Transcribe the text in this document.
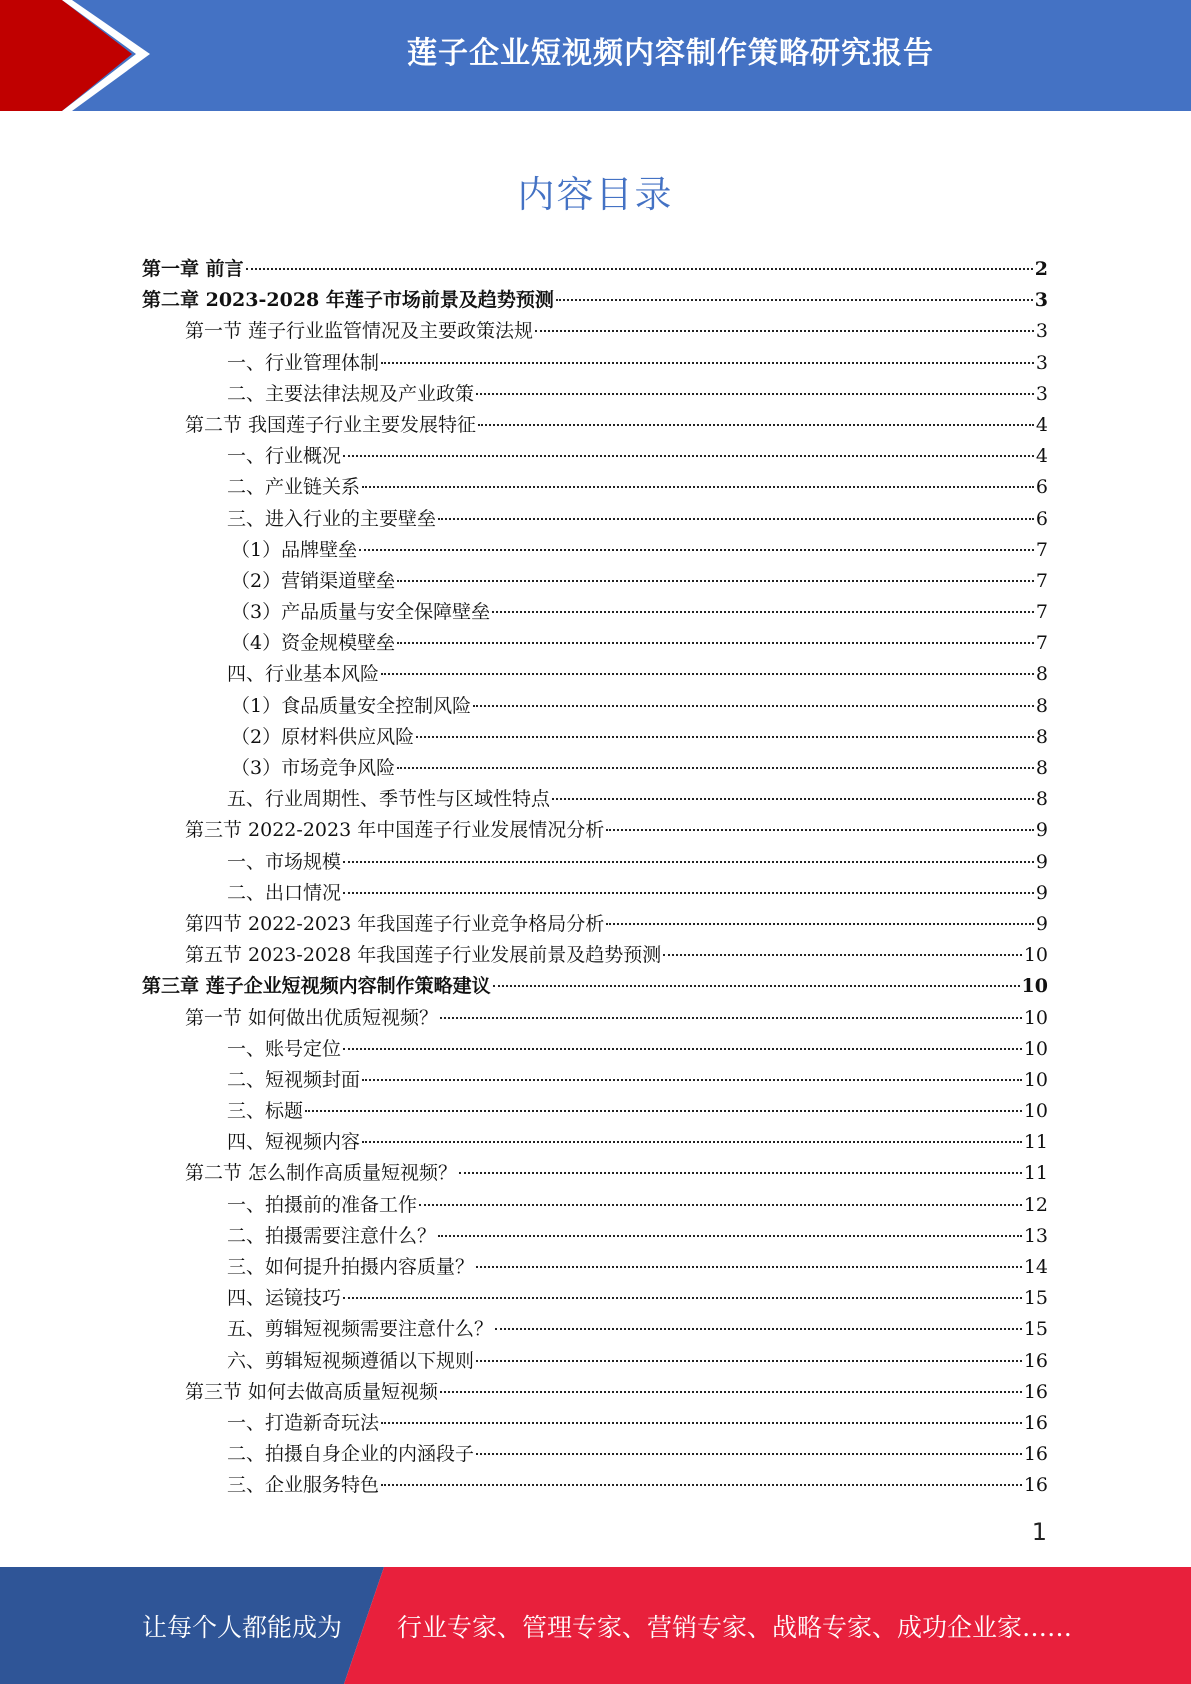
莲子企业短视频内容制作策略研究报告
内容目录
第一章 前言	2
第二章 2023-2028 年莲子市场前景及趋势预测	3
第一节 莲子行业监管情况及主要政策法规	3
一、行业管理体制	3
二、主要法律法规及产业政策	3
第二节 我国莲子行业主要发展特征	4
一、行业概况	4
二、产业链关系	6
三、进入行业的主要壁垒	6
（1）品牌壁垒	7
（2）营销渠道壁垒	7
（3）产品质量与安全保障壁垒	7
（4）资金规模壁垒	7
四、行业基本风险	8
（1）食品质量安全控制风险	8
（2）原材料供应风险	8
（3）市场竞争风险	8
五、行业周期性、季节性与区域性特点	8
第三节 2022-2023 年中国莲子行业发展情况分析	9
一、市场规模	9
二、出口情况	9
第四节 2022-2023 年我国莲子行业竞争格局分析	9
第五节 2023-2028 年我国莲子行业发展前景及趋势预测	10
第三章 莲子企业短视频内容制作策略建议	10
第一节 如何做出优质短视频？	10
一、账号定位	10
二、短视频封面	10
三、标题	10
四、短视频内容	11
第二节 怎么制作高质量短视频？	11
一、拍摄前的准备工作	12
二、拍摄需要注意什么？	13
三、如何提升拍摄内容质量？	14
四、运镜技巧	15
五、剪辑短视频需要注意什么？	15
六、剪辑短视频遵循以下规则	16
第三节 如何去做高质量短视频	16
一、打造新奇玩法	16
二、拍摄自身企业的内涵段子	16
三、企业服务特色	16
1
让每个人都能成为 行业专家、管理专家、营销专家、战略专家、成功企业家……
